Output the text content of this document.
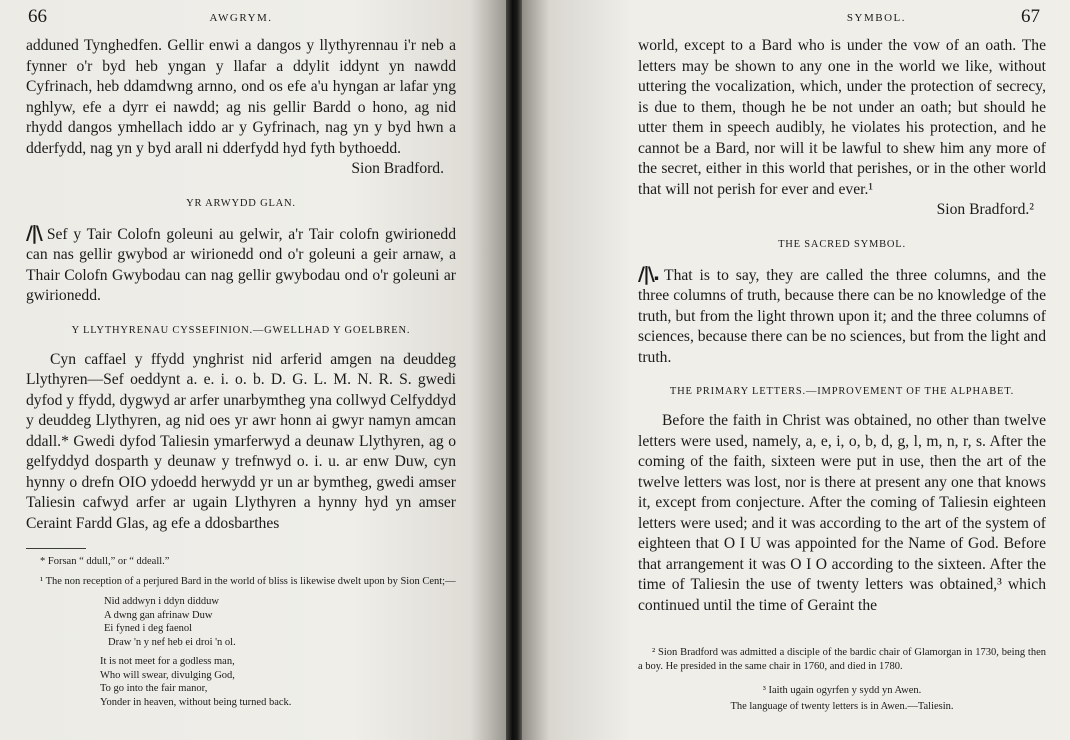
66	AWGRYM.

adduned Tynghedfen. Gellir enwi a dangos y llythyrennau i'r neb a fynner o'r byd heb yngan y llafar a ddylit iddynt yn nawdd Cyfrinach, heb ddamdwng arnno, ond os efe a'u hyngan ar lafar yng nghlyw, efe a dyrr ei nawdd; ag nis gellir Bardd o hono, ag nid rhydd dangos ymhellach iddo ar y Gyfrinach, nag yn y byd hwn a dderfydd, nag yn y byd arall ni dderfydd hyd fyth bythoedd.

Sion Bradford.

YR ARWYDD GLAN.

/|\ Sef y Tair Colofn goleuni au gelwir, a'r Tair colofn gwirionedd can nas gellir gwybod ar wirionedd ond o'r goleuni a geir arnaw, a Thair Colofn Gwybodau can nag gellir gwybodau ond o'r goleuni ar gwirionedd.

Y LLYTHYRENAU CYSSEFINION.—GWELLHAD Y GOELBREN.

Cyn caffael y ffydd ynghrist nid arferid amgen na deuddeg Llythyren—Sef oeddynt a. e. i. o. b. D. G. L. M. N. R. S. gwedi dyfod y ffydd, dygwyd ar arfer unarbymtheg yna collwyd Celfyddyd y deuddeg Llythyren, ag nid oes yr awr honn ai gwyr namyn amcan ddall.* Gwedi dyfod Taliesin ymarferwyd a deunaw Llythyren, ag o gelfyddyd dosparth y deunaw y trefnwyd o. i. u. ar enw Duw, cyn hynny o drefn OIO ydoedd herwydd yr un ar bymtheg, gwedi amser Taliesin cafwyd arfer ar ugain Llythyren a hynny hyd yn amser Ceraint Fardd Glas, ag efe a ddosbarthes

* Forsan “ ddull,” or “ ddeall.”

¹ The non reception of a perjured Bard in the world of bliss is likewise dwelt upon by Sion Cent;—

Nid addwyn i ddyn didduw
A dwng gan afrinaw Duw
Ei fyned i deg faenol
Draw 'n y nef heb ei droi 'n ol.
It is not meet for a godless man,
Who will swear, divulging God,
To go into the fair manor,
Yonder in heaven, without being turned back.
SYMBOL.	67

world, except to a Bard who is under the vow of an oath. The letters may be shown to any one in the world we like, without uttering the vocalization, which, under the protection of secrecy, is due to them, though he be not under an oath; but should he utter them in speech audibly, he violates his protection, and he cannot be a Bard, nor will it be lawful to shew him any more of the secret, either in this world that perishes, or in the other world that will not perish for ever and ever.¹

Sion Bradford.²

THE SACRED SYMBOL.

/|\. That is to say, they are called the three columns, and the three columns of truth, because there can be no knowledge of the truth, but from the light thrown upon it; and the three columns of sciences, because there can be no sciences, but from the light and truth.

THE PRIMARY LETTERS.—IMPROVEMENT OF THE ALPHABET.

Before the faith in Christ was obtained, no other than twelve letters were used, namely, a, e, i, o, b, d, g, l, m, n, r, s. After the coming of the faith, sixteen were put in use, then the art of the twelve letters was lost, nor is there at present any one that knows it, except from conjecture. After the coming of Taliesin eighteen letters were used; and it was according to the art of the system of eighteen that O I U was appointed for the Name of God. Before that arrangement it was O I O according to the sixteen. After the time of Taliesin the use of twenty letters was obtained,³ which continued until the time of Geraint the

² Sion Bradford was admitted a disciple of the bardic chair of Glamorgan in 1730, being then a boy. He presided in the same chair in 1760, and died in 1780.

³ Iaith ugain ogyrfen y sydd yn Awen.

The language of twenty letters is in Awen.—Taliesin.
